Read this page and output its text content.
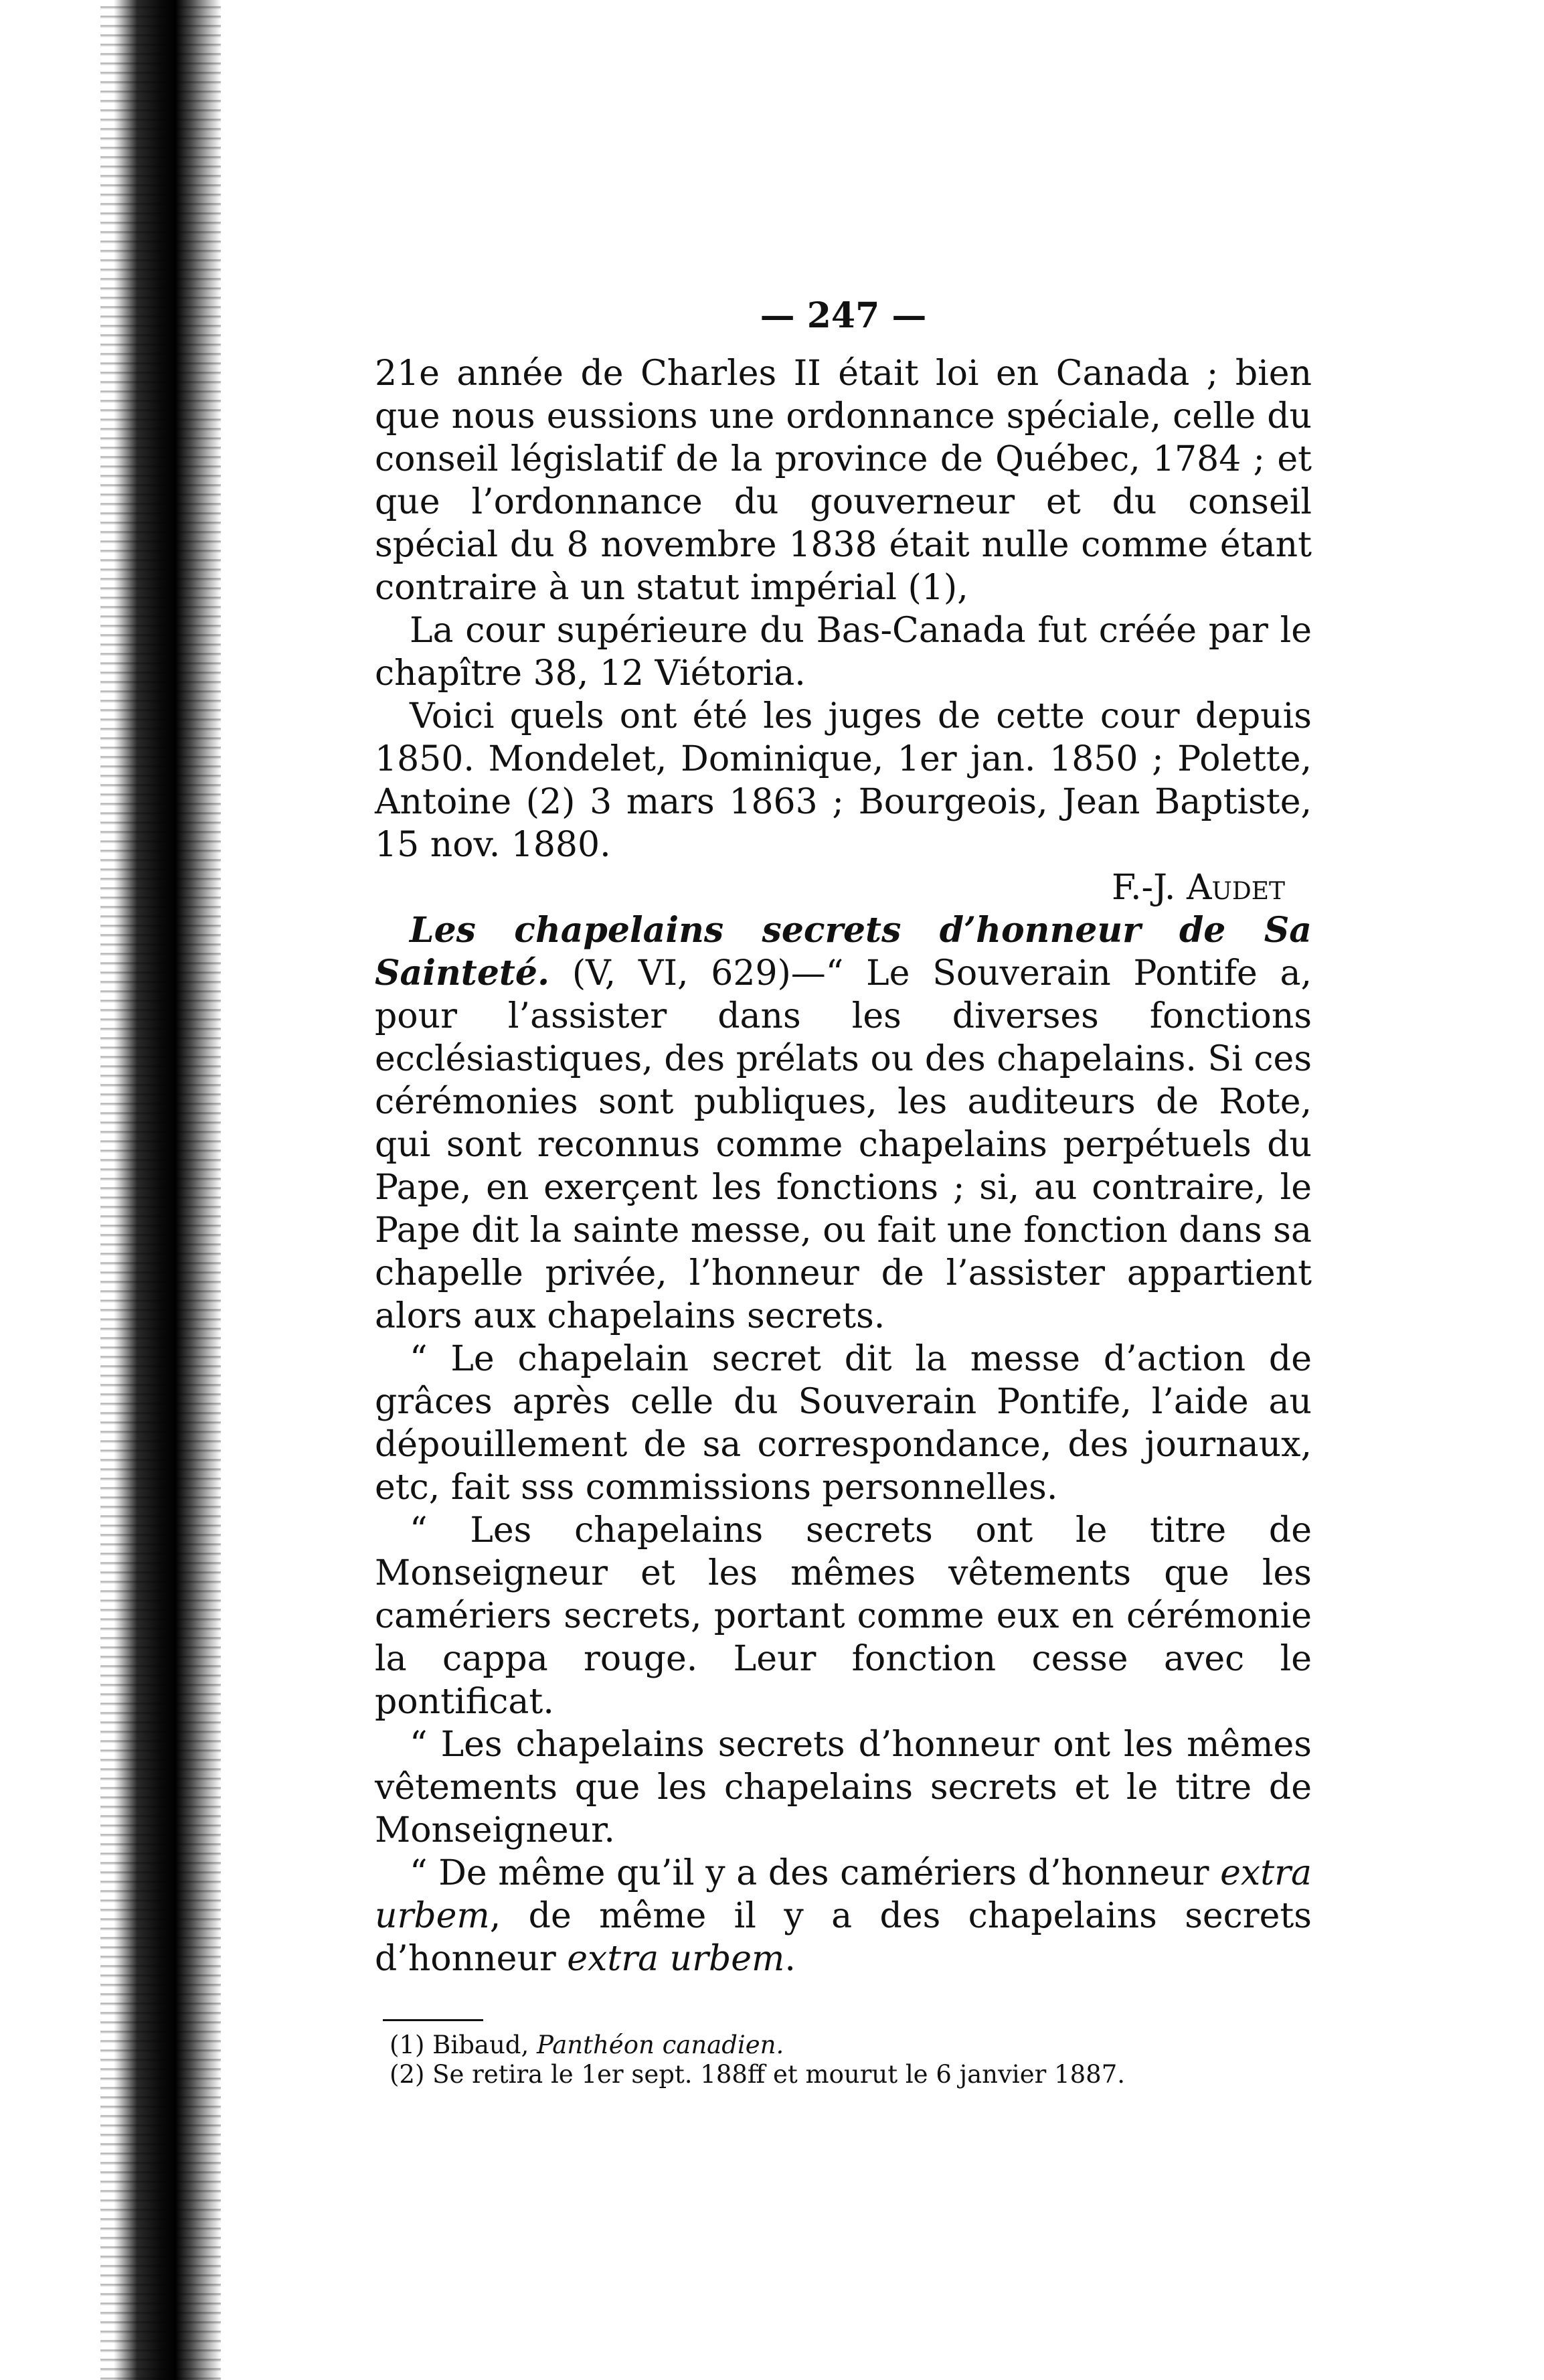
— 247 —

21e année de Charles II était loi en Canada ; bien que nous eussions une ordonnance spéciale, celle du conseil législatif de la province de Québec, 1784 ; et que l’ordonnance du gouverneur et du conseil spécial du 8 novembre 1838 était nulle comme étant contraire à un statut impérial (1),

La cour supérieure du Bas-Canada fut créée par le chapître 38, 12 Viétoria.

Voici quels ont été les juges de cette cour depuis 1850. Mondelet, Dominique, 1er jan. 1850 ; Polette, Antoine (2) 3 mars 1863 ; Bourgeois, Jean Baptiste, 15 nov. 1880.

F.-J. Audet

Les chapelains secrets d’honneur de Sa Sainteté. (V, VI, 629)—“ Le Souverain Pontife a, pour l’assister dans les diverses fonctions ecclésiastiques, des prélats ou des chapelains. Si ces cérémonies sont publiques, les auditeurs de Rote, qui sont reconnus comme chapelains perpétuels du Pape, en exerçent les fonctions ; si, au contraire, le Pape dit la sainte messe, ou fait une fonction dans sa chapelle privée, l’honneur de l’assister appartient alors aux chapelains secrets.

“ Le chapelain secret dit la messe d’action de grâces après celle du Souverain Pontife, l’aide au dépouillement de sa correspondance, des journaux, etc, fait sss commissions personnelles.

“ Les chapelains secrets ont le titre de Monseigneur et les mêmes vêtements que les camériers secrets, portant comme eux en cérémonie la cappa rouge. Leur fonction cesse avec le pontificat.

“ Les chapelains secrets d’honneur ont les mêmes vêtements que les chapelains secrets et le titre de Monseigneur.

“ De même qu’il y a des camériers d’honneur extra urbem, de même il y a des chapelains secrets d’honneur extra urbem.

(1) Bibaud, Panthéon canadien.
(2) Se retira le 1er sept. 188ff et mourut le 6 janvier 1887.
